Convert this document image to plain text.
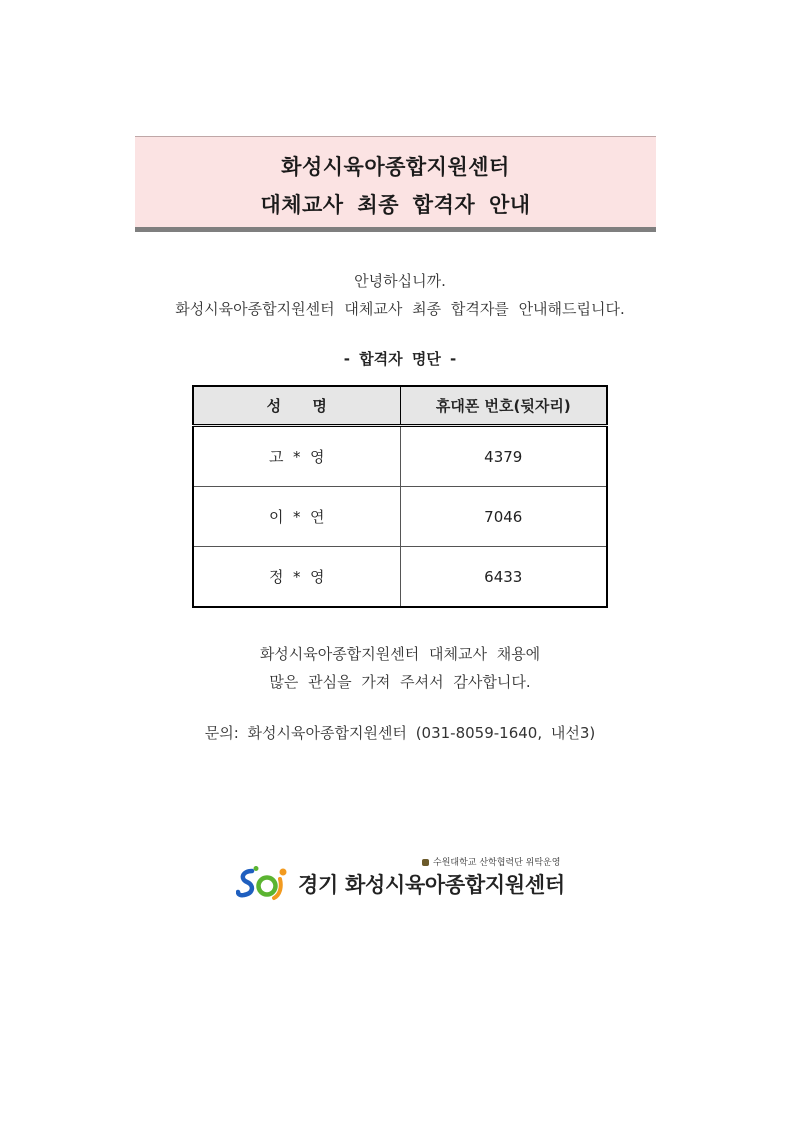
화성시육아종합지원센터
대체교사 최종 합격자 안내
안녕하십니까.
화성시육아종합지원센터 대체교사 최종 합격자를 안내해드립니다.
- 합격자 명단 -
성      명	휴대폰 번호(뒷자리)
고  *  영	4379
이  *  연	7046
정  *  영	6433
화성시육아종합지원센터 대체교사 채용에
많은 관심을 가져 주셔서 감사합니다.
문의: 화성시육아종합지원센터 (031-8059-1640, 내선3)
수원대학교 산학협력단 위탁운영
경기 화성시육아종합지원센터
